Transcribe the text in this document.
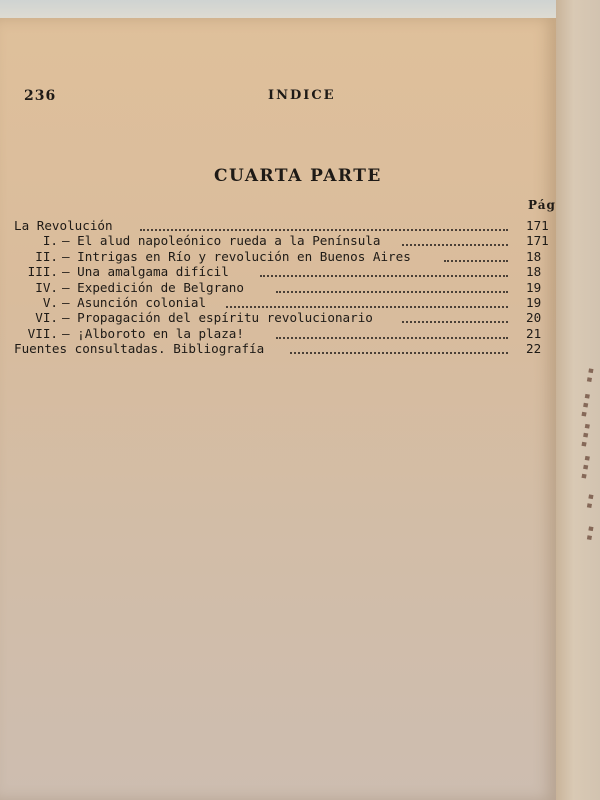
236	INDICE
CUARTA PARTE
Pág
La Revolución	171
I. — El alud napoleónico rueda a la Península	171
II. — Intrigas en Río y revolución en Buenos Aires	18
III. — Una amalgama difícil	18
IV. — Expedición de Belgrano	19
V. — Asunción colonial	19
VI. — Propagación del espíritu revolucionario	20
VII. — ¡Alboroto en la plaza!	21
Fuentes consultadas. Bibliografía	22
▪ ▪
▪ ▪ ▪
▪ ▪ ▪
▪ ▪ ▪
▪ ▪
▪ ▪
